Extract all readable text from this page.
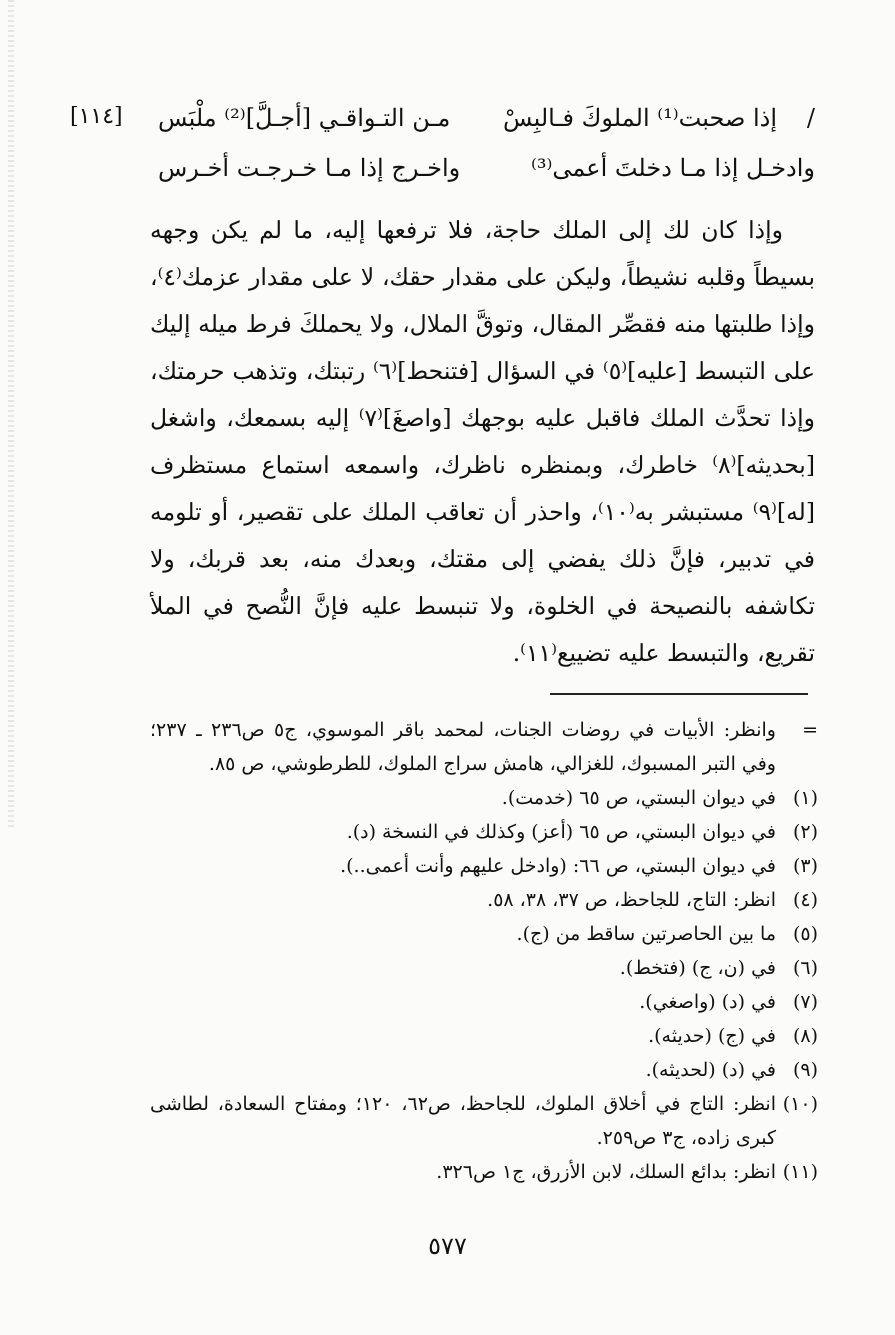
/
إذا صحبت⁽¹⁾ الملوكَ فـالبِسْ
مـن التـواقـي [أجـلَّ]⁽²⁾ ملْبَس
[١١٤]
وادخـل إذا مـا دخلتَ أعمى⁽³⁾
واخـرج إذا مـا خـرجـت أخـرس

وإذا كان لك إلى الملك حاجة، فلا ترفعها إليه، ما لم يكن وجهه بسيطاً وقلبه نشيطاً، وليكن على مقدار حقك، لا على مقدار عزمك⁽٤⁾، وإذا طلبتها منه فقصِّر المقال، وتوقَّ الملال، ولا يحملكَ فرط ميله إليك على التبسط [عليه]⁽٥⁾ في السؤال [فتنحط]⁽٦⁾ رتبتك، وتذهب حرمتك، وإذا تحدَّث الملك فاقبل عليه بوجهك [واصغَ]⁽٧⁾ إليه بسمعك، واشغل [بحديثه]⁽٨⁾ خاطرك، وبمنظره ناظرك، واسمعه استماع مستظرف [له]⁽٩⁾ مستبشر به⁽١٠⁾، واحذر أن تعاقب الملك على تقصير، أو تلومه في تدبير، فإنَّ ذلك يفضي إلى مقتك، وبعدك منه، بعد قربك، ولا تكاشفه بالنصيحة في الخلوة، ولا تنبسط عليه فإنَّ النُّصح في الملأ تقريع، والتبسط عليه تضييع⁽١١⁾.

=
وانظر: الأبيات في روضات الجنات، لمحمد باقر الموسوي، ج٥ ص٢٣٦ ـ ٢٣٧؛ وفي التبر المسبوك، للغزالي، هامش سراج الملوك، للطرطوشي، ص ٨٥.
(١)
في ديوان البستي، ص ٦٥ (خدمت).
(٢)
في ديوان البستي، ص ٦٥ (أعز) وكذلك في النسخة (د).
(٣)
في ديوان البستي، ص ٦٦: (وادخل عليهم وأنت أعمى..).
(٤)
انظر: التاج، للجاحظ، ص ٣٧، ٣٨، ٥٨.
(٥)
ما بين الحاصرتين ساقط من (ج).
(٦)
في (ن، ج) (فتخط).
(٧)
في (د) (واصغي).
(٨)
في (ج) (حديثه).
(٩)
في (د) (لحديثه).
(١٠)
انظر: التاج في أخلاق الملوك، للجاحظ، ص٦٢، ١٢٠؛ ومفتاح السعادة، لطاشى كبرى زاده، ج٣ ص٢٥٩.
(١١)
انظر: بدائع السلك، لابن الأزرق، ج١ ص٣٢٦.
٥٧٧
